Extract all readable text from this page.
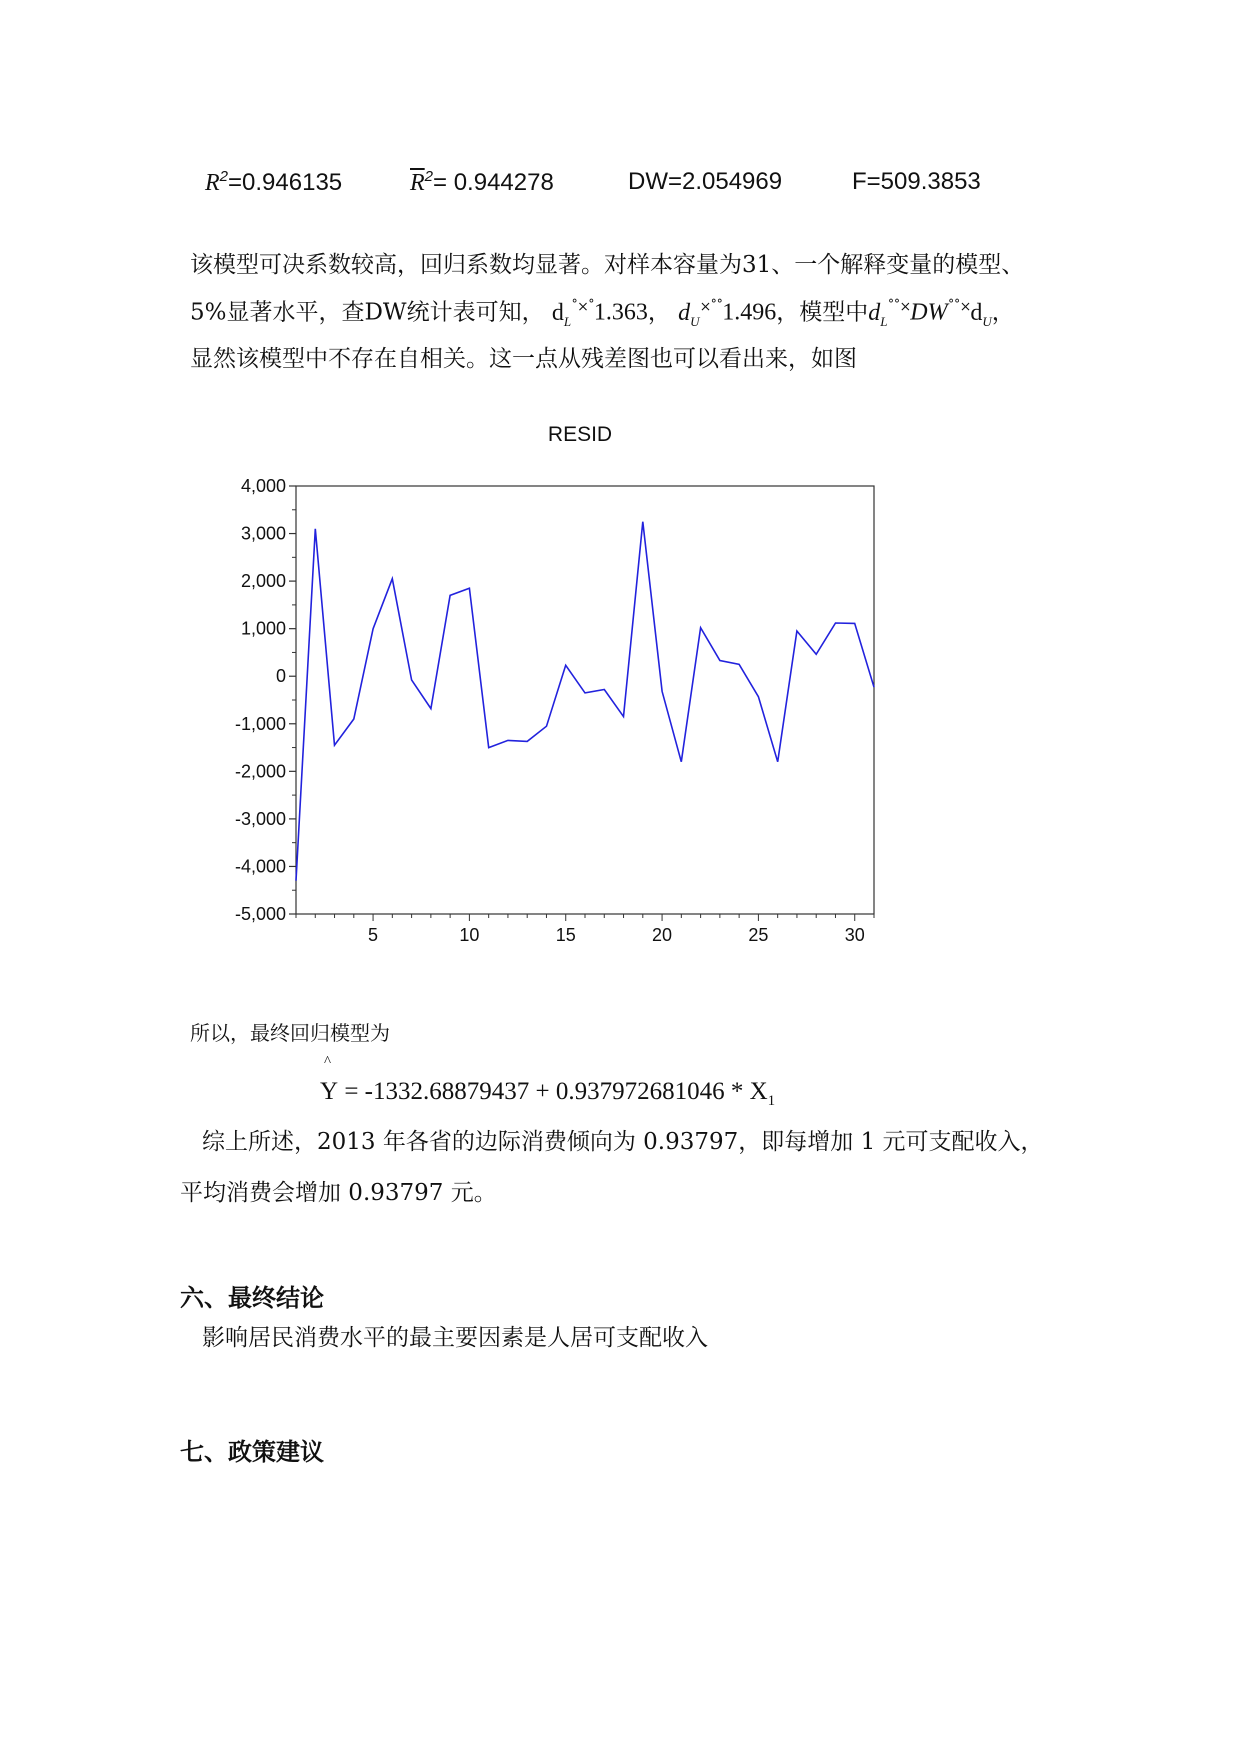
$R^2=0.946135$	$\overline{R}^2= 0.944278$	DW=2.054969	F=509.3853
该模型可决系数较高，回归系数均显著。对样本容量为31、一个解释变量的模型、
5%显著水平，查DW统计表可知， $d_L^{˚\times˚}1.363$， $d_U^{\times˚˚}1.496$，模型中$d_L^{˚˚\times}DW^{˚˚\times}d_U$，
显然该模型中不存在自相关。这一点从残差图也可以看出来，如图
RESID
4,000
3,000
2,000
1,000
0
-1,000
-2,000
-3,000
-4,000
-5,000
5	10	15	20	25	30
所以，最终回归模型为
^
$Y = -1332.68879437 + 0.937972681046 * X_1$
综上所述，2013 年各省的边际消费倾向为 0.93797，即每增加 1 元可支配收入，
平均消费会增加 0.93797 元。
六、最终结论
影响居民消费水平的最主要因素是人居可支配收入
七、政策建议
